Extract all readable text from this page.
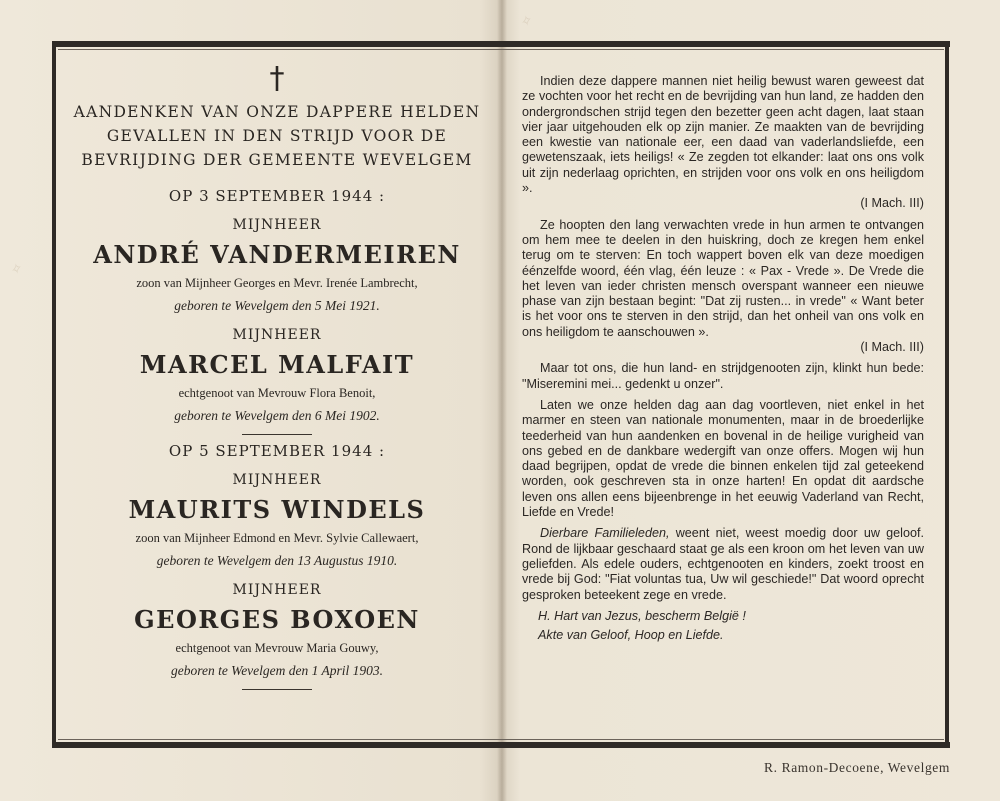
✧
✧
†
AANDENKEN VAN ONZE DAPPERE HELDEN
GEVALLEN IN DEN STRIJD VOOR DE
BEVRIJDING DER GEMEENTE WEVELGEM
OP 3 SEPTEMBER 1944 :
MIJNHEER
ANDRÉ VANDERMEIREN
zoon van Mijnheer Georges en Mevr. Irenée Lambrecht,
geboren te Wevelgem den 5 Mei 1921.
MIJNHEER
MARCEL MALFAIT
echtgenoot van Mevrouw Flora Benoit,
geboren te Wevelgem den 6 Mei 1902.
OP 5 SEPTEMBER 1944 :
MIJNHEER
MAURITS WINDELS
zoon van Mijnheer Edmond en Mevr. Sylvie Callewaert,
geboren te Wevelgem den 13 Augustus 1910.
MIJNHEER
GEORGES BOXOEN
echtgenoot van Mevrouw Maria Gouwy,
geboren te Wevelgem den 1 April 1903.

Indien deze dappere mannen niet heilig bewust waren geweest dat ze vochten voor het recht en de bevrijding van hun land, ze hadden den ondergrondschen strijd tegen den bezetter geen acht dagen, laat staan vier jaar uitgehouden elk op zijn manier. Ze maakten van de bevrijding een kwestie van nationale eer, een daad van vaderlandsliefde, een gewetenszaak, iets heiligs! « Ze zegden tot elkander: laat ons ons volk uit zijn nederlaag oprichten, en strijden voor ons volk en ons heiligdom ».
(I Mach. III)

Ze hoopten den lang verwachten vrede in hun armen te ontvangen om hem mee te deelen in den huiskring, doch ze kregen hem enkel terug om te sterven: En toch wappert boven elk van deze moedigen éénzelfde woord, één vlag, één leuze : « Pax - Vrede ». De Vrede die het leven van ieder christen mensch overspant wanneer een nieuwe phase van zijn bestaan begint: "Dat zij rusten... in vrede" « Want beter is het voor ons te sterven in den strijd, dan het onheil van ons volk en ons heiligdom te aanschouwen ».
(I Mach. III)

Maar tot ons, die hun land- en strijdgenooten zijn, klinkt hun bede: "Miseremini mei... gedenkt u onzer".

Laten we onze helden dag aan dag voortleven, niet enkel in het marmer en steen van nationale monumenten, maar in de broederlijke teederheid van hun aandenken en bovenal in de heilige vurigheid van ons gebed en de dankbare wedergift van onze offers. Mogen wij hun daad begrijpen, opdat de vrede die binnen enkelen tijd zal geteekend worden, ook geschreven sta in onze harten! En opdat dit aardsche leven ons allen eens bijeenbrenge in het eeuwig Vaderland van Recht, Liefde en Vrede!

Dierbare Familieleden, weent niet, weest moedig door uw geloof. Rond de lijkbaar geschaard staat ge als een kroon om het leven van uw geliefden. Als edele ouders, echtgenooten en kinders, zoekt troost en vrede bij God: "Fiat voluntas tua, Uw wil geschiede!" Dat woord oprecht gesproken beteekent zege en vrede.

H. Hart van Jezus, bescherm België !
Akte van Geloof, Hoop en Liefde.
R. Ramon-Decoene, Wevelgem
